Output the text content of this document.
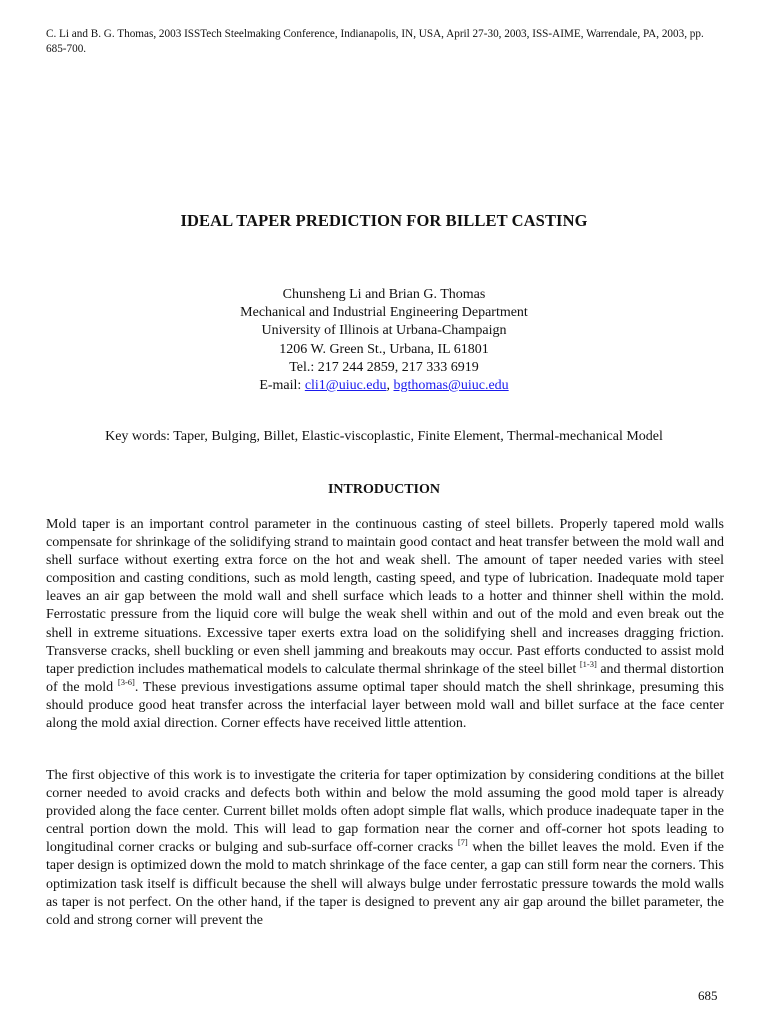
C. Li and B. G. Thomas, 2003 ISSTech Steelmaking Conference, Indianapolis, IN, USA, April 27-30, 2003, ISS-AIME, Warrendale, PA, 2003, pp. 685-700.
IDEAL TAPER PREDICTION FOR BILLET CASTING
Chunsheng Li and Brian G. Thomas
Mechanical and Industrial Engineering Department
University of Illinois at Urbana-Champaign
1206 W. Green St., Urbana, IL 61801
Tel.: 217 244 2859, 217 333 6919
E-mail: cli1@uiuc.edu, bgthomas@uiuc.edu
Key words: Taper, Bulging, Billet, Elastic-viscoplastic, Finite Element, Thermal-mechanical Model
INTRODUCTION
Mold taper is an important control parameter in the continuous casting of steel billets. Properly tapered mold walls compensate for shrinkage of the solidifying strand to maintain good contact and heat transfer between the mold wall and shell surface without exerting extra force on the hot and weak shell. The amount of taper needed varies with steel composition and casting conditions, such as mold length, casting speed, and type of lubrication. Inadequate mold taper leaves an air gap between the mold wall and shell surface which leads to a hotter and thinner shell within the mold. Ferrostatic pressure from the liquid core will bulge the weak shell within and out of the mold and even break out the shell in extreme situations. Excessive taper exerts extra load on the solidifying shell and increases dragging friction. Transverse cracks, shell buckling or even shell jamming and breakouts may occur. Past efforts conducted to assist mold taper prediction includes mathematical models to calculate thermal shrinkage of the steel billet [1-3] and thermal distortion of the mold [3-6]. These previous investigations assume optimal taper should match the shell shrinkage, presuming this should produce good heat transfer across the interfacial layer between mold wall and billet surface at the face center along the mold axial direction. Corner effects have received little attention.
The first objective of this work is to investigate the criteria for taper optimization by considering conditions at the billet corner needed to avoid cracks and defects both within and below the mold assuming the good mold taper is already provided along the face center. Current billet molds often adopt simple flat walls, which produce inadequate taper in the central portion down the mold. This will lead to gap formation near the corner and off-corner hot spots leading to longitudinal corner cracks or bulging and sub-surface off-corner cracks [7] when the billet leaves the mold. Even if the taper design is optimized down the mold to match shrinkage of the face center, a gap can still form near the corners. This optimization task itself is difficult because the shell will always bulge under ferrostatic pressure towards the mold walls as taper is not perfect. On the other hand, if the taper is designed to prevent any air gap around the billet parameter, the cold and strong corner will prevent the
685
